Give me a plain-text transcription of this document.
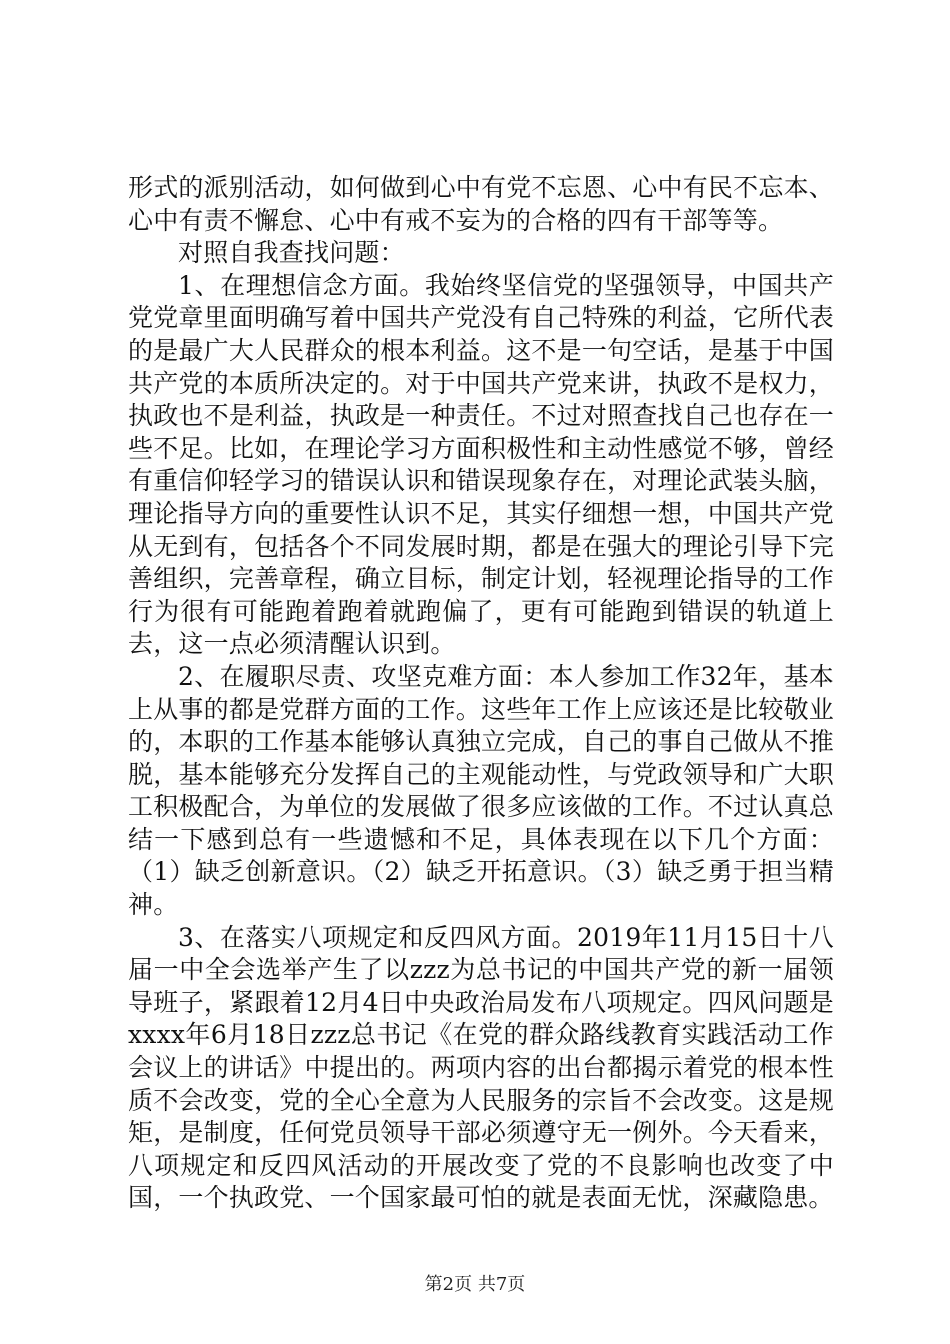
形式的派别活动，如何做到心中有党不忘恩、心中有民不忘本、心中有责不懈怠、心中有戒不妄为的合格的四有干部等等。

对照自我查找问题：

1、在理想信念方面。我始终坚信党的坚强领导，中国共产党党章里面明确写着中国共产党没有自己特殊的利益，它所代表的是最广大人民群众的根本利益。这不是一句空话，是基于中国共产党的本质所决定的。对于中国共产党来讲，执政不是权力，执政也不是利益，执政是一种责任。不过对照查找自己也存在一些不足。比如，在理论学习方面积极性和主动性感觉不够，曾经有重信仰轻学习的错误认识和错误现象存在，对理论武装头脑，理论指导方向的重要性认识不足，其实仔细想一想，中国共产党从无到有，包括各个不同发展时期，都是在强大的理论引导下完善组织，完善章程，确立目标，制定计划，轻视理论指导的工作行为很有可能跑着跑着就跑偏了，更有可能跑到错误的轨道上去，这一点必须清醒认识到。

2、在履职尽责、攻坚克难方面：本人参加工作32年，基本上从事的都是党群方面的工作。这些年工作上应该还是比较敬业的，本职的工作基本能够认真独立完成，自己的事自己做从不推脱，基本能够充分发挥自己的主观能动性，与党政领导和广大职工积极配合，为单位的发展做了很多应该做的工作。不过认真总结一下感到总有一些遗憾和不足，具体表现在以下几个方面：（1）缺乏创新意识。（2）缺乏开拓意识。（3）缺乏勇于担当精神。

3、在落实八项规定和反四风方面。2019年11月15日十八届一中全会选举产生了以zzz为总书记的中国共产党的新一届领导班子，紧跟着12月4日中央政治局发布八项规定。四风问题是xxxx年6月18日zzz总书记《在党的群众路线教育实践活动工作会议上的讲话》中提出的。两项内容的出台都揭示着党的根本性质不会改变，党的全心全意为人民服务的宗旨不会改变。这是规矩，是制度，任何党员领导干部必须遵守无一例外。今天看来，八项规定和反四风活动的开展改变了党的不良影响也改变了中国，一个执政党、一个国家最可怕的就是表面无忧，深藏隐患。

第2页 共7页
